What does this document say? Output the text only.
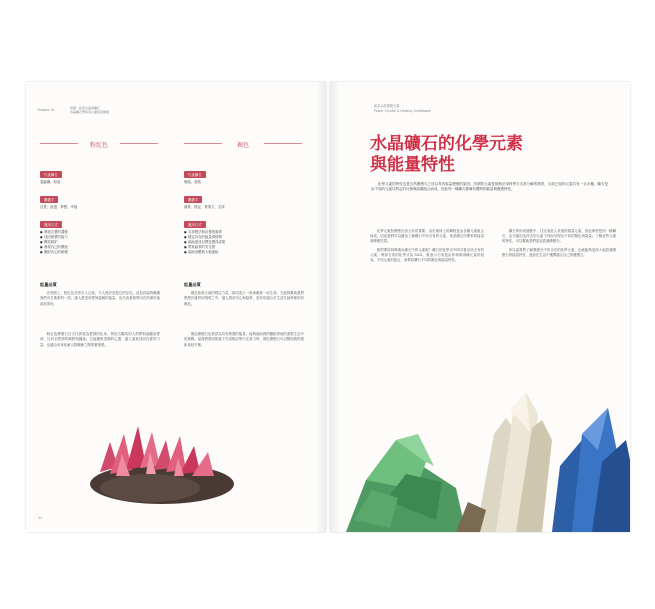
Chapter 01	認識　能量水晶與礦石
水晶礦石們與身心靈能量療癒
粉紅色
代表礦石
菱錳礦、粉晶
關鍵字
自愛、浪漫、夢想、幸福
運用方式
● 發展自愛的課程
● 找回被愛的能力
● 釋放嫉妒
● 發現自己的價值
● 撫慰內心的創傷
褐色
代表礦石
煙晶、茶晶
關鍵字
落實、穩定、實現力、支持
運用方式
● 支持想法與計畫的落實
● 穩定內在的能量與情緒
● 協助達成目標並獲得成果
● 帶來踏實的安全感
● 協助身體與大地連結
能量品質	能量品質

在現實上，粉紅色非常引人注意。令人無法忽視它的存在。這色彩能夠喚醒我們內在柔軟的一面，讓人感受到愛與溫暖的能量，也代表著我們內在的那份純真與美好。

粉紅色療癒石在古代被視為愛情的化身。例如古羅馬的人們將粉晶獻給愛神，以祈求愛情的順利與圓滿。它能撫慰受傷的心靈，讓人重新找回自愛的力量，也適合用來化解人際關係之間的緊張感。

褐色象徵大地的穩定力量，如同泥土一般承載著一切生命。它能夠幫助我們將想法落實到現實之中，讓人感到安心與踏實，是非常適合在生活忙碌時使用的顏色。

褐色療癒石也被認為具有保護的能量，能夠協助我們腳踏實地的面對生活中的挑戰。當我們感到焦慮不安或無法集中注意力時，褐色療癒石可以幫助我們重新找回平衡。

32
能量水晶療癒全書
Power Crystal & Healing Guidebook
水晶礦石的化學元素
與能量特性

化學元素的特性也是自然療癒石之所以具有能量療癒的原因。所謂的元素是指無法用科學方式再分解的物質，目前已知的元素共有一百多種。礦石是由不同的元素以特定的比例與結構組合而成，因此每一種礦石都擁有獨特的能量與療癒特性。

化學元素對療癒石而言非常重要。由於地球上的礦物是由各種元素組合而成，因此我們可以藉由了解礦石中所含有的元素，來認識它所帶來的能量與療癒效果。

我們要如何辨識出礦石中的元素呢？礦石的化學式中即可看出所含有的元素，例如石英的化學式為 SiO2，就表示石英是由矽與氧兩種元素所組成。不同元素的組合，會帶給礦石不同的顏色與能量特性。

礦石的形成過程中，往往會混入其他的微量元素，因此即使是同一種礦石，也可能因為所含的元素不同而呈現出不同的顏色與能量。了解這些元素的特性，可以幫助我們更加認識療癒石。

所以當我們了解療癒石中所含有的化學元素，也就能夠更深入地認識療癒石的能量特性，進而在生活中選擇適合自己的療癒石。
